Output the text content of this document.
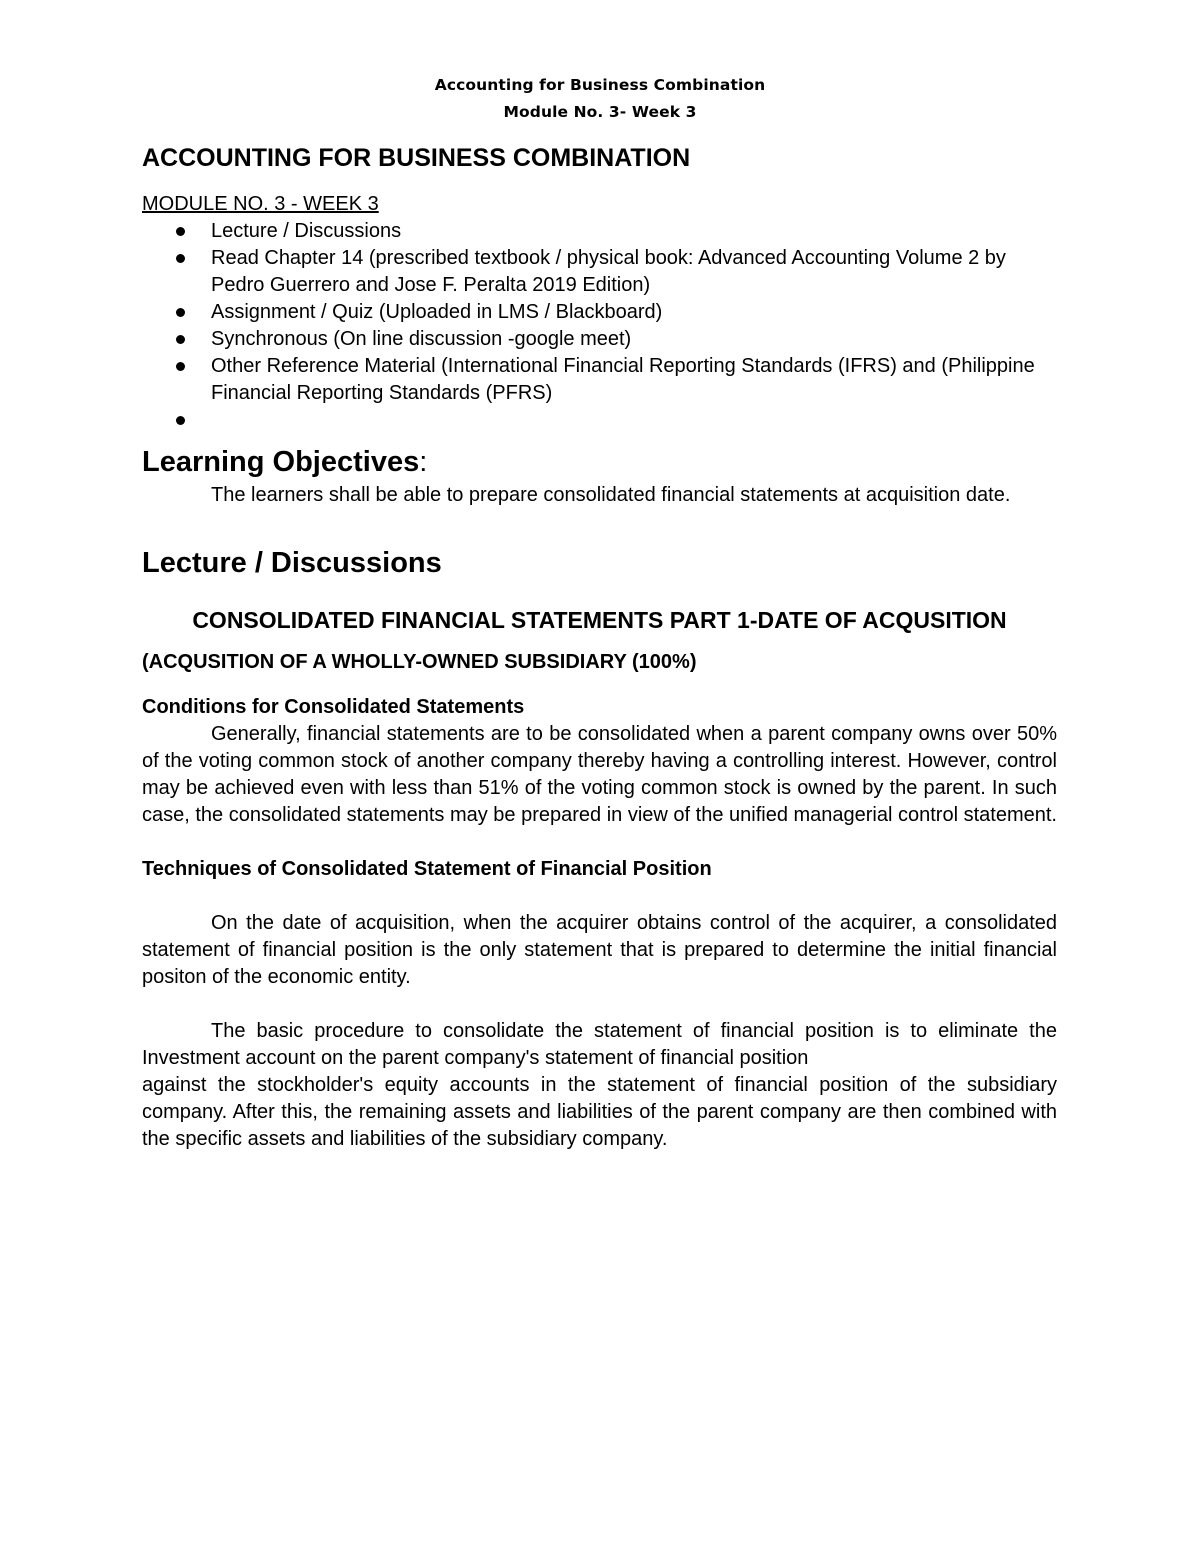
Accounting for Business Combination
Module No. 3- Week 3
ACCOUNTING FOR BUSINESS COMBINATION
MODULE NO. 3 - WEEK 3
Lecture / Discussions
Read Chapter 14 (prescribed textbook / physical book: Advanced Accounting Volume 2 by Pedro Guerrero and Jose F. Peralta 2019 Edition)
Assignment / Quiz (Uploaded in LMS / Blackboard)
Synchronous (On line discussion -google meet)
Other Reference Material (International Financial Reporting Standards (IFRS) and (Philippine Financial Reporting Standards (PFRS)
Learning Objectives:

The learners shall be able to prepare consolidated financial statements at acquisition date.

Lecture / Discussions
CONSOLIDATED FINANCIAL STATEMENTS PART 1-DATE OF ACQUSITION
(ACQUSITION OF A WHOLLY-OWNED SUBSIDIARY (100%)
Conditions for Consolidated Statements

Generally, financial statements are to be consolidated when a parent company owns over 50% of the voting common stock of another company thereby having a controlling interest. However, control may be achieved even with less than 51% of the voting common stock is owned by the parent. In such case, the consolidated statements may be prepared in view of the unified managerial control statement.

Techniques of Consolidated Statement of Financial Position

On the date of acquisition, when the acquirer obtains control of the acquirer, a consolidated statement of financial position is the only statement that is prepared to determine the initial financial positon of the economic entity.

The basic procedure to consolidate the statement of financial position is to eliminate the Investment account on the parent company's statement of financial position

against the stockholder's equity accounts in the statement of financial position of the subsidiary company. After this, the remaining assets and liabilities of the parent company are then combined with the specific assets and liabilities of the subsidiary company.
